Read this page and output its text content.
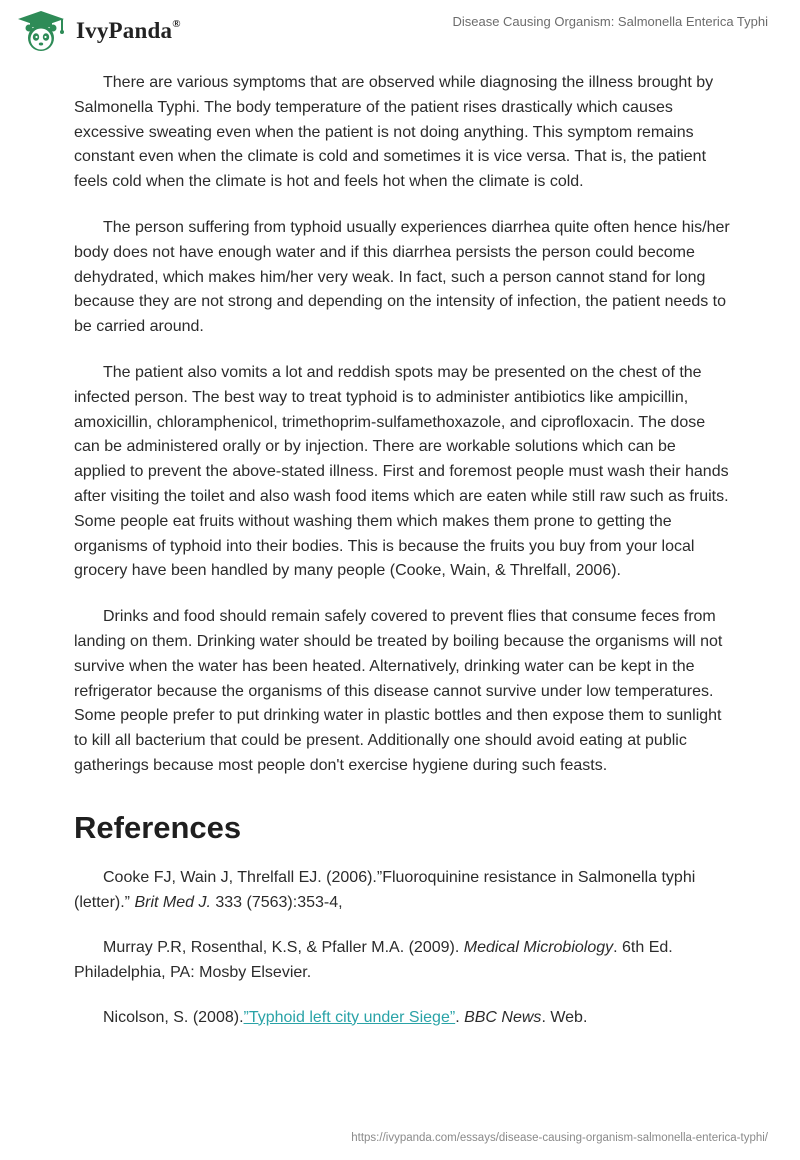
IvyPanda®	Disease Causing Organism: Salmonella Enterica Typhi

There are various symptoms that are observed while diagnosing the illness brought by Salmonella Typhi. The body temperature of the patient rises drastically which causes excessive sweating even when the patient is not doing anything. This symptom remains constant even when the climate is cold and sometimes it is vice versa. That is, the patient feels cold when the climate is hot and feels hot when the climate is cold.

The person suffering from typhoid usually experiences diarrhea quite often hence his/her body does not have enough water and if this diarrhea persists the person could become dehydrated, which makes him/her very weak. In fact, such a person cannot stand for long because they are not strong and depending on the intensity of infection, the patient needs to be carried around.

The patient also vomits a lot and reddish spots may be presented on the chest of the infected person. The best way to treat typhoid is to administer antibiotics like ampicillin, amoxicillin, chloramphenicol, trimethoprim-sulfamethoxazole, and ciprofloxacin. The dose can be administered orally or by injection. There are workable solutions which can be applied to prevent the above-stated illness. First and foremost people must wash their hands after visiting the toilet and also wash food items which are eaten while still raw such as fruits. Some people eat fruits without washing them which makes them prone to getting the organisms of typhoid into their bodies. This is because the fruits you buy from your local grocery have been handled by many people (Cooke, Wain, & Threlfall, 2006).

Drinks and food should remain safely covered to prevent flies that consume feces from landing on them. Drinking water should be treated by boiling because the organisms will not survive when the water has been heated. Alternatively, drinking water can be kept in the refrigerator because the organisms of this disease cannot survive under low temperatures. Some people prefer to put drinking water in plastic bottles and then expose them to sunlight to kill all bacterium that could be present. Additionally one should avoid eating at public gatherings because most people don't exercise hygiene during such feasts.

References

Cooke FJ, Wain J, Threlfall EJ. (2006).”Fluoroquinine resistance in Salmonella typhi (letter).” Brit Med J. 333 (7563):353-4,

Murray P.R, Rosenthal, K.S, & Pfaller M.A. (2009). Medical Microbiology. 6th Ed. Philadelphia, PA: Mosby Elsevier.

Nicolson, S. (2008).”Typhoid left city under Siege”. BBC News. Web.

https://ivypanda.com/essays/disease-causing-organism-salmonella-enterica-typhi/
